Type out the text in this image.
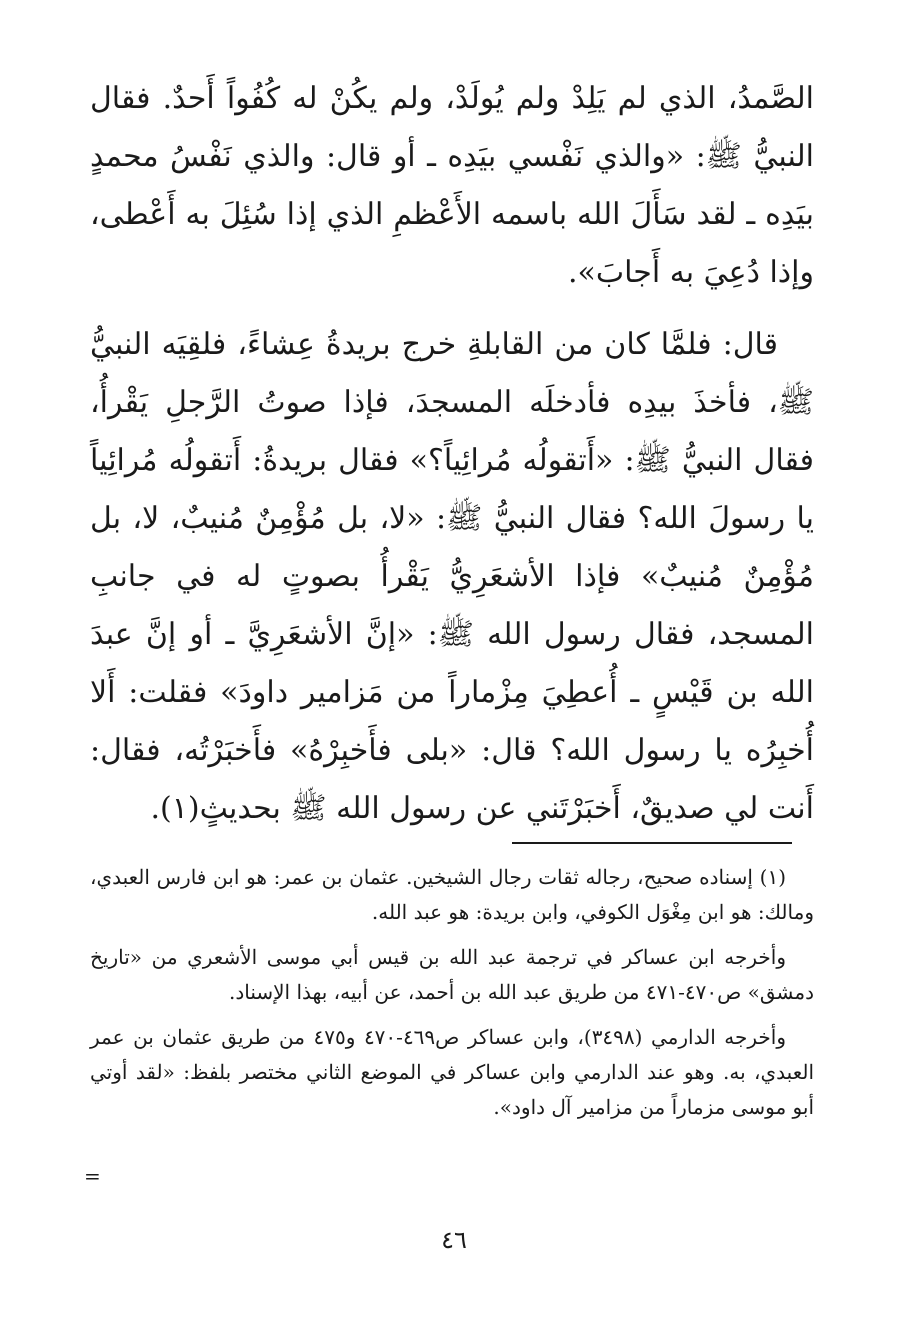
الصَّمدُ، الذي لم يَلِدْ ولم يُولَدْ، ولم يكُنْ له كُفُواً أَحدٌ. فقال النبيُّ ﷺ: «والذي نَفْسي بيَدِه ـ أو قال: والذي نَفْسُ محمدٍ بيَدِه ـ لقد سَأَلَ الله باسمه الأَعْظمِ الذي إذا سُئِلَ به أَعْطى، وإذا دُعِيَ به أَجابَ».

قال: فلمَّا كان من القابلةِ خرج بريدةُ عِشاءً، فلقِيَه النبيُّ ﷺ، فأخذَ بيدِه فأدخلَه المسجدَ، فإذا صوتُ الرَّجلِ يَقْرأُ، فقال النبيُّ ﷺ: «أَتقولُه مُرائِياً؟» فقال بريدةُ: أَتقولُه مُرائِياً يا رسولَ الله؟ فقال النبيُّ ﷺ: «لا، بل مُؤْمِنٌ مُنيبٌ، لا، بل مُؤْمِنٌ مُنيبٌ» فإذا الأشعَرِيُّ يَقْرأُ بصوتٍ له في جانبِ المسجد، فقال رسول الله ﷺ: «إنَّ الأشعَرِيَّ ـ أو إنَّ عبدَ الله بن قَيْسٍ ـ أُعطِيَ مِزْماراً من مَزامير داودَ» فقلت: أَلا أُخبِرُه يا رسول الله؟ قال: «بلى فأَخبِرْهُ» فأَخبَرْتُه، فقال: أَنت لي صديقٌ، أَخبَرْتَني عن رسول الله ﷺ بحديثٍ(١).

(١) إسناده صحيح، رجاله ثقات رجال الشيخين. عثمان بن عمر: هو ابن فارس العبدي، ومالك: هو ابن مِغْوَل الكوفي، وابن بريدة: هو عبد الله.

وأخرجه ابن عساكر في ترجمة عبد الله بن قيس أبي موسى الأشعري من «تاريخ دمشق» ص٤٧٠-٤٧١ من طريق عبد الله بن أحمد، عن أبيه، بهذا الإسناد.

وأخرجه الدارمي (٣٤٩٨)، وابن عساكر ص٤٦٩-٤٧٠ و٤٧٥ من طريق عثمان بن عمر العبدي، به. وهو عند الدارمي وابن عساكر في الموضع الثاني مختصر بلفظ: «لقد أوتي أبو موسى مزماراً من مزامير آل داود».

=
٤٦
